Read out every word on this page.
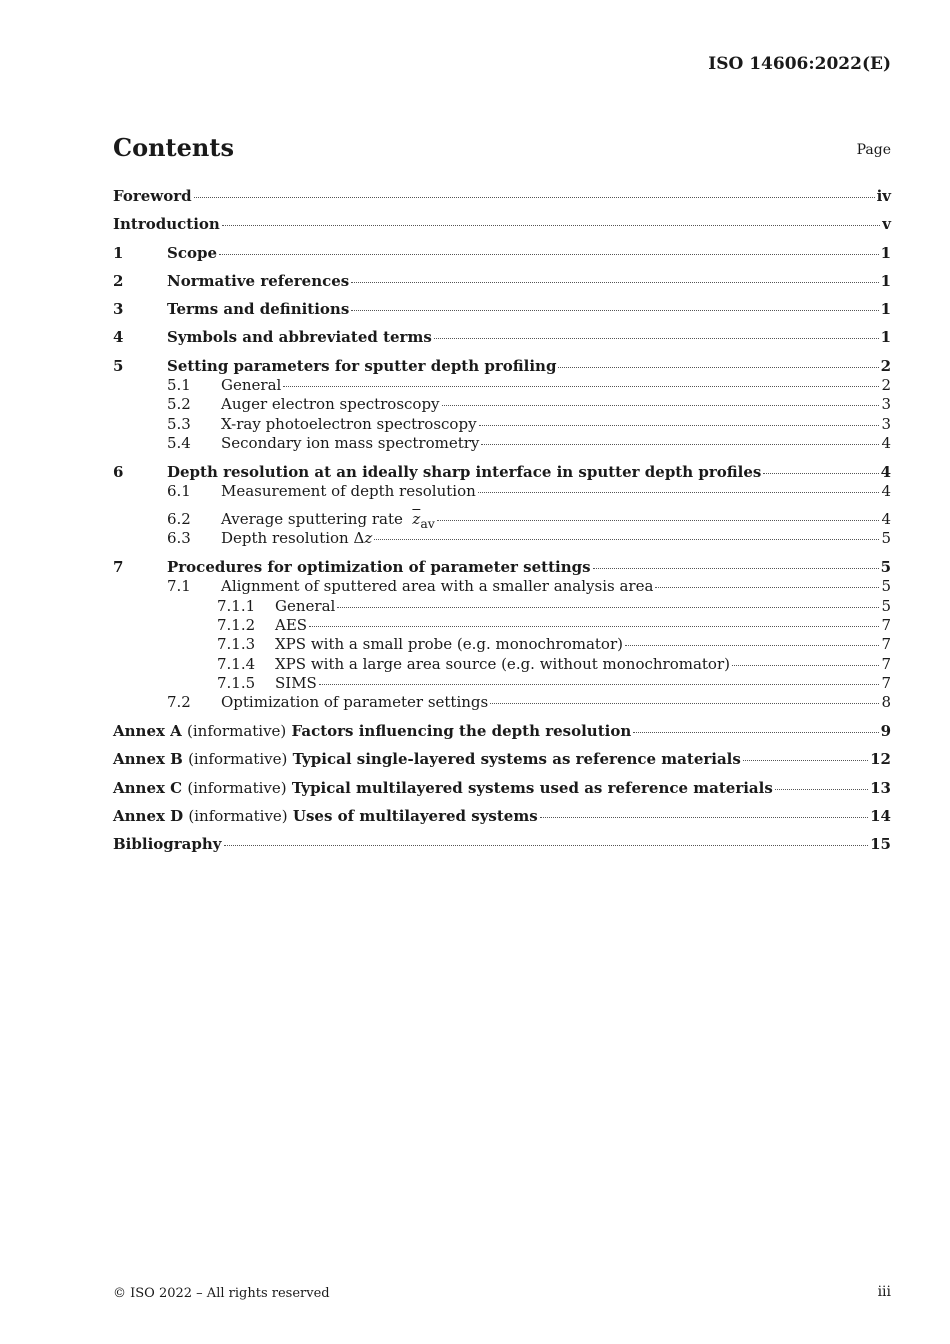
ISO 14606:2022(E)
Contents	Page
Foreword	iv
Introduction	v
1	Scope	1
2	Normative references	1
3	Terms and definitions	1
4	Symbols and abbreviated terms	1
5	Setting parameters for sputter depth profiling	2
5.1	General	2
5.2	Auger electron spectroscopy	3
5.3	X-ray photoelectron spectroscopy	3
5.4	Secondary ion mass spectrometry	4
6	Depth resolution at an ideally sharp interface in sputter depth profiles	4
6.1	Measurement of depth resolution	4
6.2	Average sputtering rate $\overline{z}_{av}$	4
6.3	Depth resolution Δz	5
7	Procedures for optimization of parameter settings	5
7.1	Alignment of sputtered area with a smaller analysis area	5
7.1.1	General	5
7.1.2	AES	7
7.1.3	XPS with a small probe (e.g. monochromator)	7
7.1.4	XPS with a large area source (e.g. without monochromator)	7
7.1.5	SIMS	7
7.2	Optimization of parameter settings	8
Annex A (informative) Factors influencing the depth resolution	9
Annex B (informative) Typical single-layered systems as reference materials	12
Annex C (informative) Typical multilayered systems used as reference materials	13
Annex D (informative) Uses of multilayered systems	14
Bibliography	15
© ISO 2022 – All rights reserved	iii
